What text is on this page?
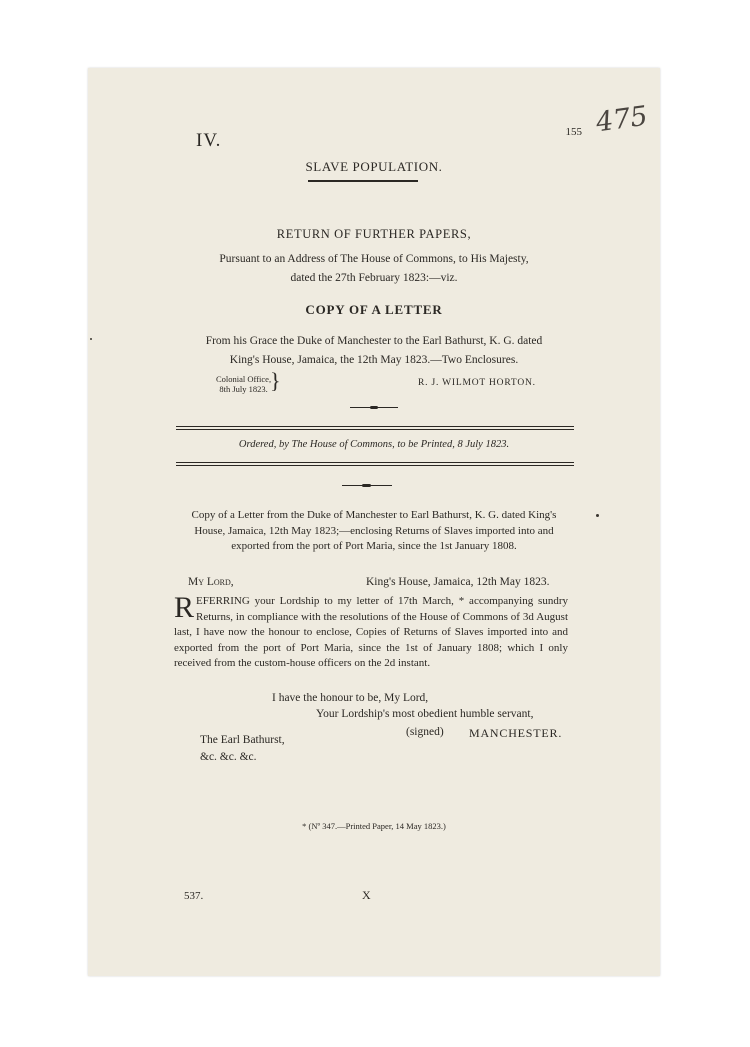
IV.	155 475
SLAVE POPULATION.
RETURN OF FURTHER PAPERS,
Pursuant to an Address of The House of Commons, to His Majesty,
dated the 27th February 1823:—viz.
COPY OF A LETTER
From his Grace the Duke of Manchester to the Earl Bathurst, K. G. dated
King's House, Jamaica, the 12th May 1823.—Two Enclosures.
Colonial Office,
8th July 1823. }	R. J. WILMOT HORTON.
Ordered, by The House of Commons, to be Printed, 8 July 1823.
Copy of a Letter from the Duke of Manchester to Earl Bathurst, K. G. dated King's House, Jamaica, 12th May 1823;—enclosing Returns of Slaves imported into and exported from the port of Port Maria, since the 1st January 1808.
My Lord,	King's House, Jamaica, 12th May 1823.
R EFERRING your Lordship to my letter of 17th March, * accompanying sundry Returns, in compliance with the resolutions of the House of Commons of 3d August last, I have now the honour to enclose, Copies of Returns of Slaves imported into and exported from the port of Port Maria, since the 1st of January 1808; which I only received from the custom-house officers on the 2d instant.
I have the honour to be, My Lord,
Your Lordship's most obedient humble servant,
(signed) MANCHESTER.
The Earl Bathurst,
&c. &c. &c.
* (Nº 347.—Printed Paper, 14 May 1823.)
537.	X
